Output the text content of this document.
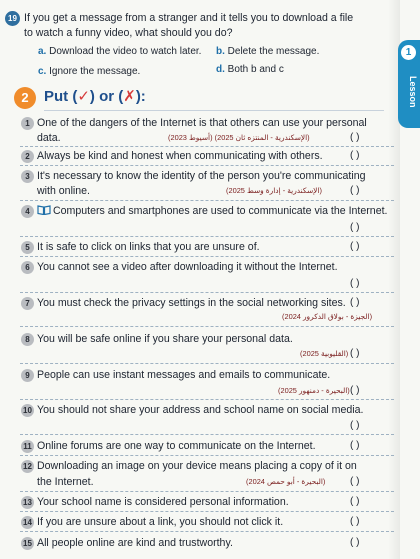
1
Lesson
19 If you get a message from a stranger and it tells you to download a file
to watch a funny video, what should you do?
a. Download the video to watch later. b. Delete the message.
c. Ignore the message.	d. Both b and c
2	Put (✓) or (✗):
1 One of the dangers of the Internet is that others can use your personal
data.	(الإسكندرية - المنتزه ثان 2025) (أسيوط 2023)	( )
2 Always be kind and honest when communicating with others.	( )
3 It's necessary to know the identity of the person you're communicating
with online.	(الإسكندرية - إدارة وسط 2025)	( )
4	Computers and smartphones are used to communicate via the Internet.
( )
5 It is safe to click on links that you are unsure of.	( )
6 You cannot see a video after downloading it without the Internet.
( )
7 You must check the privacy settings in the social networking sites. ( )
(الجيزة - بولاق الدكرور 2024)
8 You will be safe online if you share your personal data.
(القليوبية 2025) ( )
9 People can use instant messages and emails to communicate.
(البحيرة - دمنهور 2025) ( )
10 You should not share your address and school name on social media.
( )
11 Online forums are one way to communicate on the Internet.	( )
12 Downloading an image on your device means placing a copy of it on
the Internet.	(البحيرة - أبو حمص 2024) ( )
13 Your school name is considered personal information.	( )
14 If you are unsure about a link, you should not click it.	( )
15 All people online are kind and trustworthy.	( )
